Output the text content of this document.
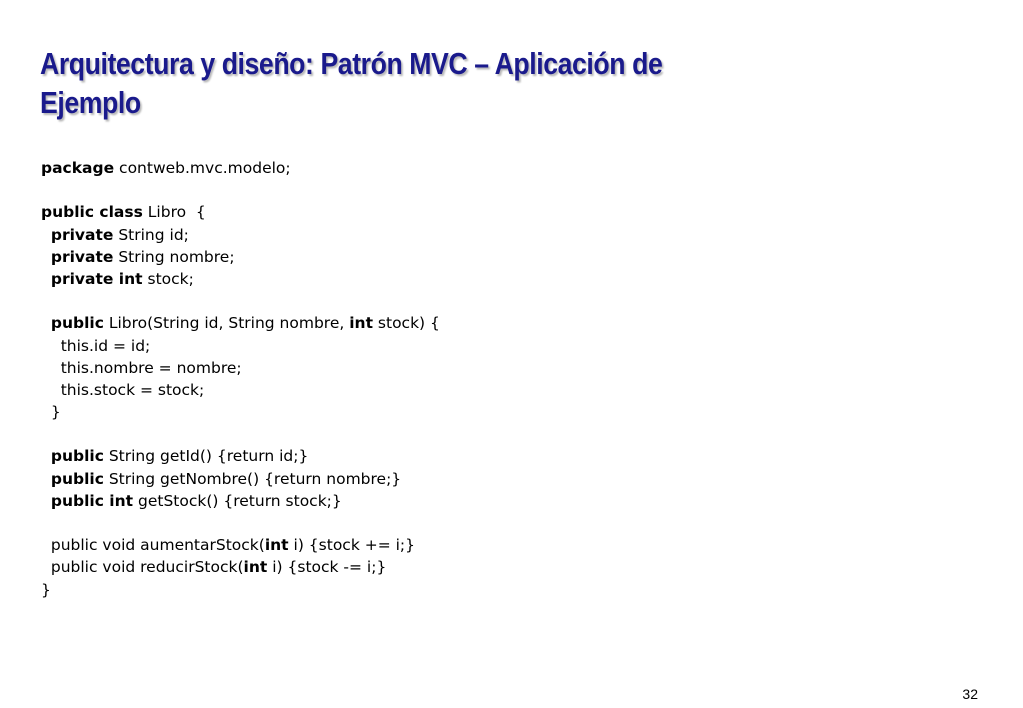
Arquitectura y diseño: Patrón MVC – Aplicación de
Ejemplo
package contweb.mvc.modelo;
public class Libro  {
private String id;
private String nombre;
private int stock;
public Libro(String id, String nombre, int stock) {
this.id = id;
this.nombre = nombre;
this.stock = stock;
}
public String getId() {return id;}
public String getNombre() {return nombre;}
public int getStock() {return stock;}
public void aumentarStock(int i) {stock += i;}
public void reducirStock(int i) {stock -= i;}
}
32
